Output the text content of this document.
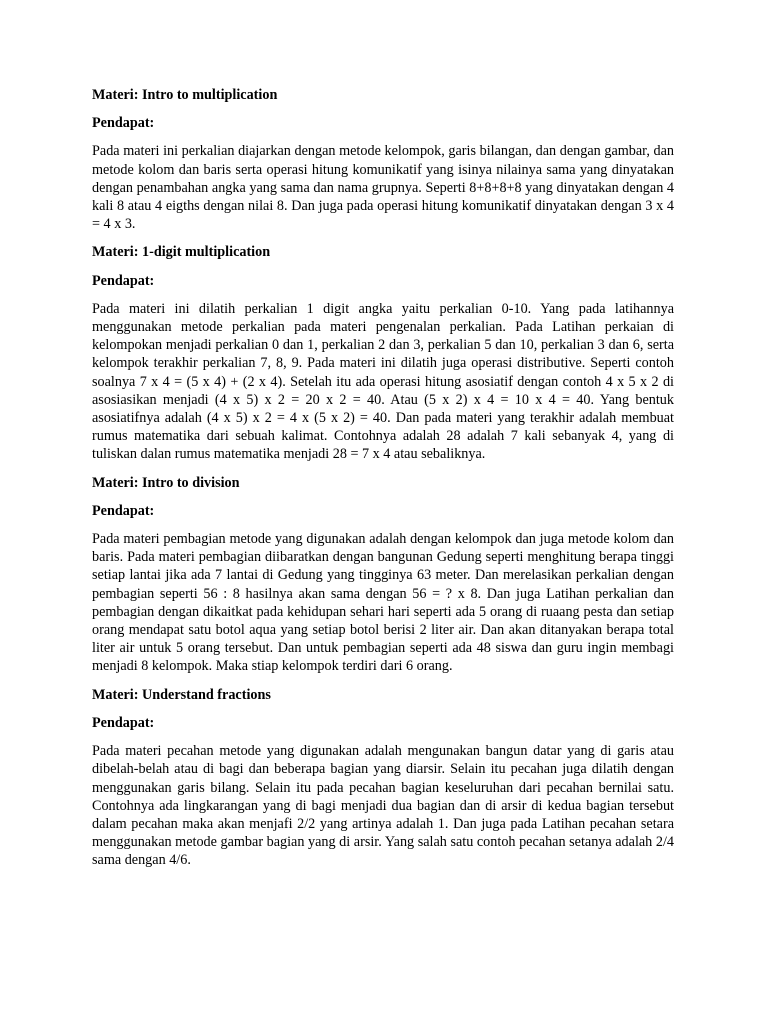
Materi: Intro to multiplication

Pendapat:

Pada materi ini perkalian diajarkan dengan metode kelompok, garis bilangan, dan dengan gambar, dan metode kolom dan baris serta operasi hitung komunikatif yang isinya nilainya sama yang dinyatakan dengan penambahan angka yang sama dan nama grupnya. Seperti 8+8+8+8 yang dinyatakan dengan 4 kali 8 atau 4 eigths dengan nilai 8. Dan juga pada operasi hitung komunikatif dinyatakan dengan 3 x 4 = 4 x 3.

Materi: 1-digit multiplication

Pendapat:

Pada materi ini dilatih perkalian 1 digit angka yaitu perkalian 0-10. Yang pada latihannya menggunakan metode perkalian pada materi pengenalan perkalian. Pada Latihan perkaian di kelompokan menjadi perkalian 0 dan 1, perkalian 2 dan 3, perkalian 5 dan 10, perkalian 3 dan 6, serta kelompok terakhir perkalian 7, 8, 9. Pada materi ini dilatih juga operasi distributive. Seperti contoh soalnya 7 x 4 = (5 x 4) + (2 x 4). Setelah itu ada operasi hitung asosiatif dengan contoh 4 x 5 x 2 di asosiasikan menjadi (4 x 5) x 2 = 20 x 2 = 40. Atau (5 x 2) x 4 = 10 x 4 = 40. Yang bentuk asosiatifnya adalah (4 x 5) x 2 = 4 x (5 x 2) = 40. Dan pada materi yang terakhir adalah membuat rumus matematika dari sebuah kalimat. Contohnya adalah 28 adalah 7 kali sebanyak 4, yang di tuliskan dalan rumus matematika menjadi 28 = 7 x 4 atau sebaliknya.

Materi: Intro to division

Pendapat:

Pada materi pembagian metode yang digunakan adalah dengan kelompok dan juga metode kolom dan baris. Pada materi pembagian diibaratkan dengan bangunan Gedung seperti menghitung berapa tinggi setiap lantai jika ada 7 lantai di Gedung yang tingginya 63 meter. Dan merelasikan perkalian dengan pembagian seperti 56 : 8 hasilnya akan sama dengan 56 = ? x 8. Dan juga Latihan perkalian dan pembagian dengan dikaitkat pada kehidupan sehari hari seperti ada 5 orang di ruaang pesta dan setiap orang mendapat satu botol aqua yang setiap botol berisi 2 liter air. Dan akan ditanyakan berapa total liter air untuk 5 orang tersebut. Dan untuk pembagian seperti ada 48 siswa dan guru ingin membagi menjadi 8 kelompok. Maka stiap kelompok terdiri dari 6 orang.

Materi: Understand fractions

Pendapat:

Pada materi pecahan metode yang digunakan adalah mengunakan bangun datar yang di garis atau dibelah-belah atau di bagi dan beberapa bagian yang diarsir. Selain itu pecahan juga dilatih dengan menggunakan garis bilang. Selain itu pada pecahan bagian keseluruhan dari pecahan bernilai satu. Contohnya ada lingkarangan yang di bagi menjadi dua bagian dan di arsir di kedua bagian tersebut dalam pecahan maka akan menjafi 2/2 yang artinya adalah 1. Dan juga pada Latihan pecahan setara menggunakan metode gambar bagian yang di arsir. Yang salah satu contoh pecahan setanya adalah 2/4 sama dengan 4/6.
